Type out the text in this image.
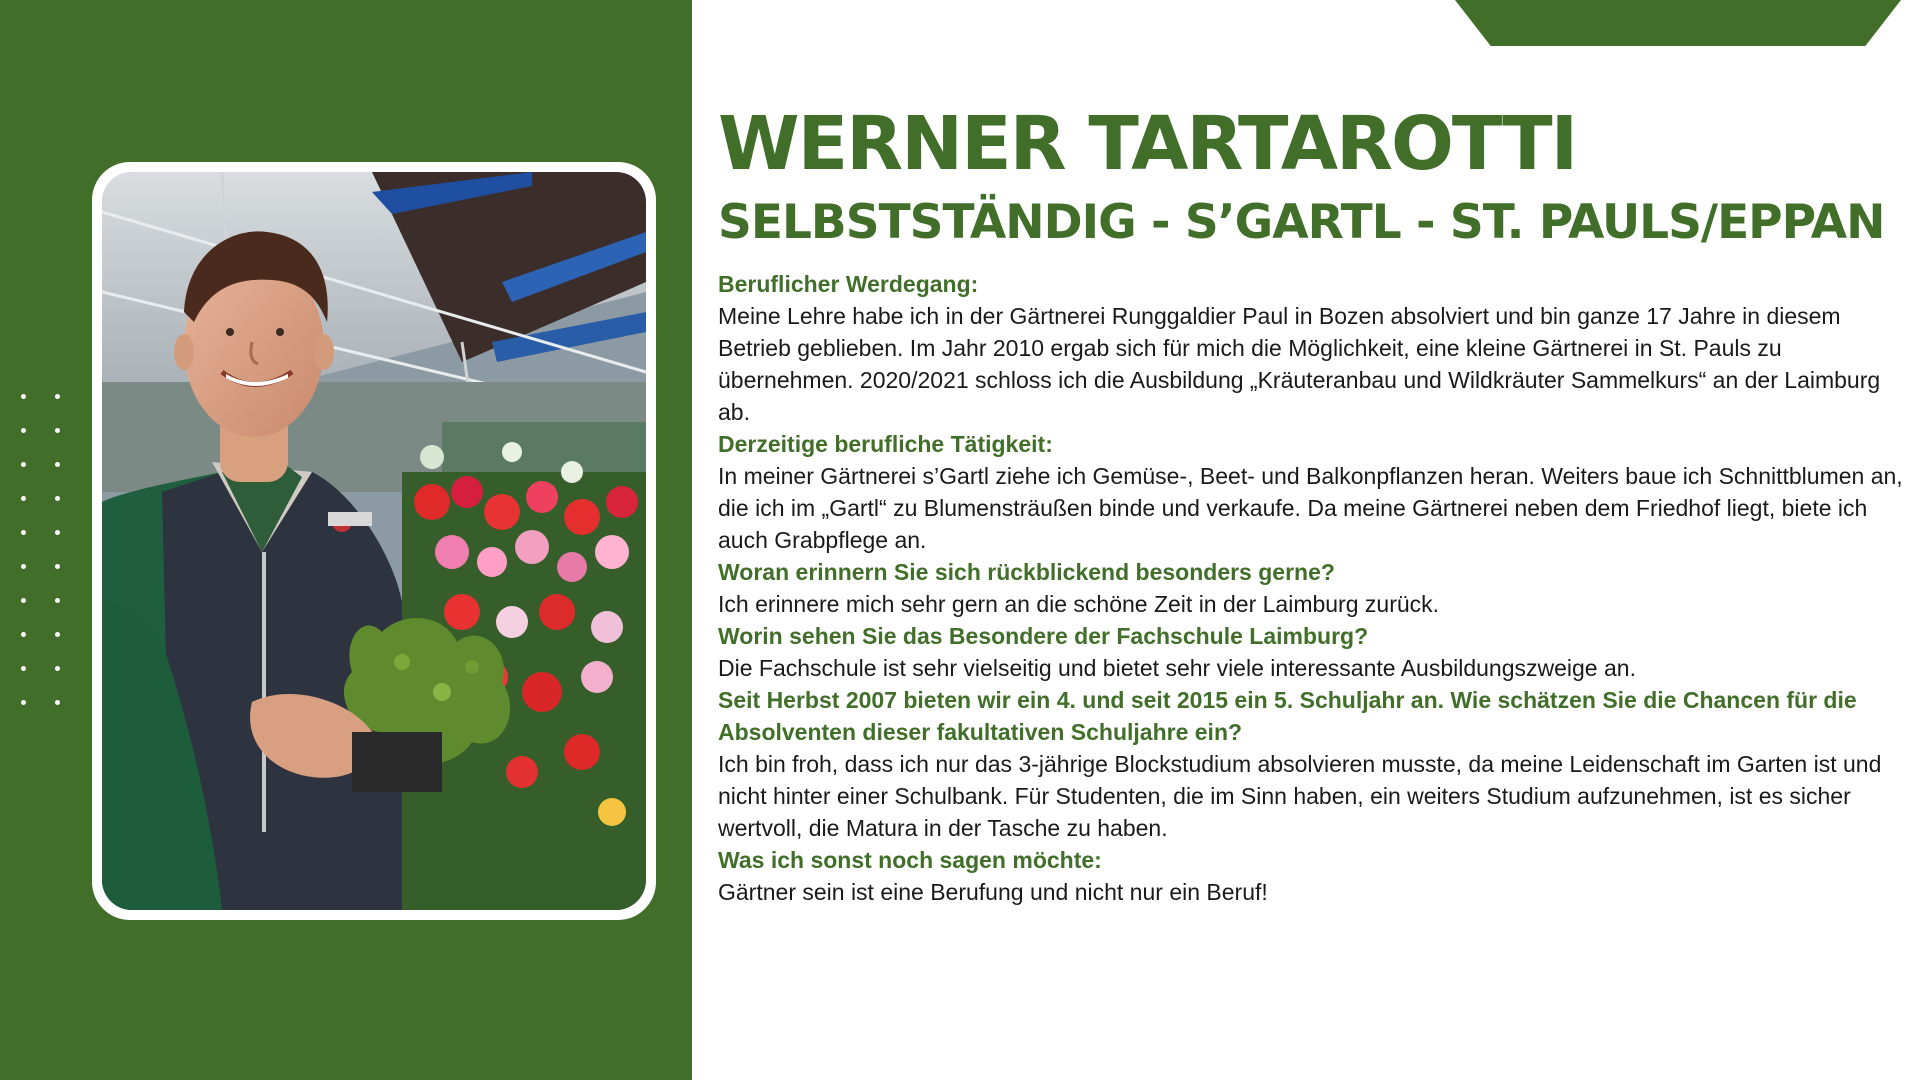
WERNER TARTAROTTI
SELBSTSTÄNDIG - S’GARTL - ST. PAULS/EPPAN
Beruflicher Werdegang:
Meine Lehre habe ich in der Gärtnerei Runggaldier Paul in Bozen absolviert und bin ganze 17 Jahre in diesem Betrieb geblieben. Im Jahr 2010 ergab sich für mich die Möglichkeit, eine kleine Gärtnerei in St. Pauls zu übernehmen. 2020/2021 schloss ich die Ausbildung „Kräuteranbau und Wildkräuter Sammelkurs“ an der Laimburg ab.
Derzeitige berufliche Tätigkeit:
In meiner Gärtnerei s’Gartl ziehe ich Gemüse-, Beet- und Balkonpflanzen heran. Weiters baue ich Schnittblumen an, die ich im „Gartl“ zu Blumensträußen binde und verkaufe. Da meine Gärtnerei neben dem Friedhof liegt, biete ich auch Grabpflege an.
Woran erinnern Sie sich rückblickend besonders gerne?
Ich erinnere mich sehr gern an die schöne Zeit in der Laimburg zurück.
Worin sehen Sie das Besondere der Fachschule Laimburg?
Die Fachschule ist sehr vielseitig und bietet sehr viele interessante Ausbildungszweige an.
Seit Herbst 2007 bieten wir ein 4. und seit 2015 ein 5. Schuljahr an. Wie schätzen Sie die Chancen für die Absolventen dieser fakultativen Schuljahre ein?
Ich bin froh, dass ich nur das 3-jährige Blockstudium absolvieren musste, da meine Leidenschaft im Garten ist und nicht hinter einer Schulbank. Für Studenten, die im Sinn haben, ein weiters Studium aufzunehmen, ist es sicher wertvoll, die Matura in der Tasche zu haben.
Was ich sonst noch sagen möchte:
Gärtner sein ist eine Berufung und nicht nur ein Beruf!
